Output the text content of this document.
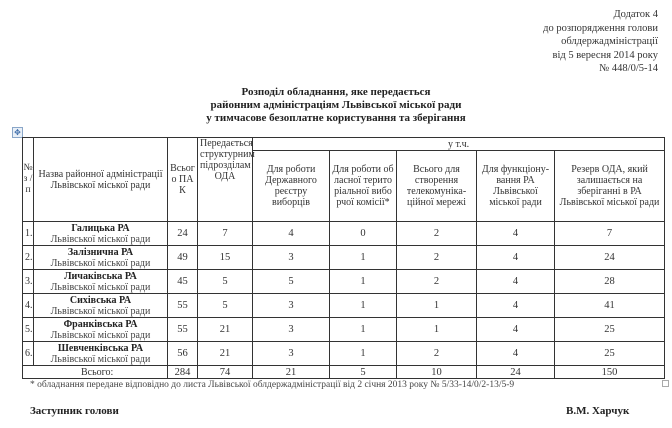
Додаток 4
до розпорядження голови
облдержадміністрації
від 5 вересня 2014 року
№ 448/0/5-14
Розподіл обладнання, яке передається
районним адміністраціям Львівської міської ради
у тимчасове безоплатне користування та зберігання
✥
№ з / п	Назва районної адміністрації Львівської міської ради	Всього ПАК	Передається структурним підрозділам ОДА	у т.ч.				
				Для роботи Державного реєстру виборців	Для роботи обласної територіальної виборчої комісії*	Всього для створення телекомуніка-ційної мережі	Для функціону-вання РА Львівської міської ради	Резерв ОДА, який залишається на зберіганні в РА Львівської міської ради
1.	Галицька РА
Львівської міської ради	24	7	4	0	2	4	7
2.	Залізнична РА
Львівської міської ради	49	15	3	1	2	4	24
3.	Личаківська РА
Львівської міської ради	45	5	5	1	2	4	28
4.	Сихівська РА
Львівської міської ради	55	5	3	1	1	4	41
5.	Франківська РА
Львівської міської ради	55	21	3	1	1	4	25
6.	Шевченківська РА
Львівської міської ради	56	21	3	1	2	4	25
Всього:		284	74	21	5	10	24	150
* обладнання передане відповідно до листа Львівської облдержадміністрації від 2 січня 2013 року № 5/33-14/0/2-13/5-9
Заступник голови	В.М. Харчук
